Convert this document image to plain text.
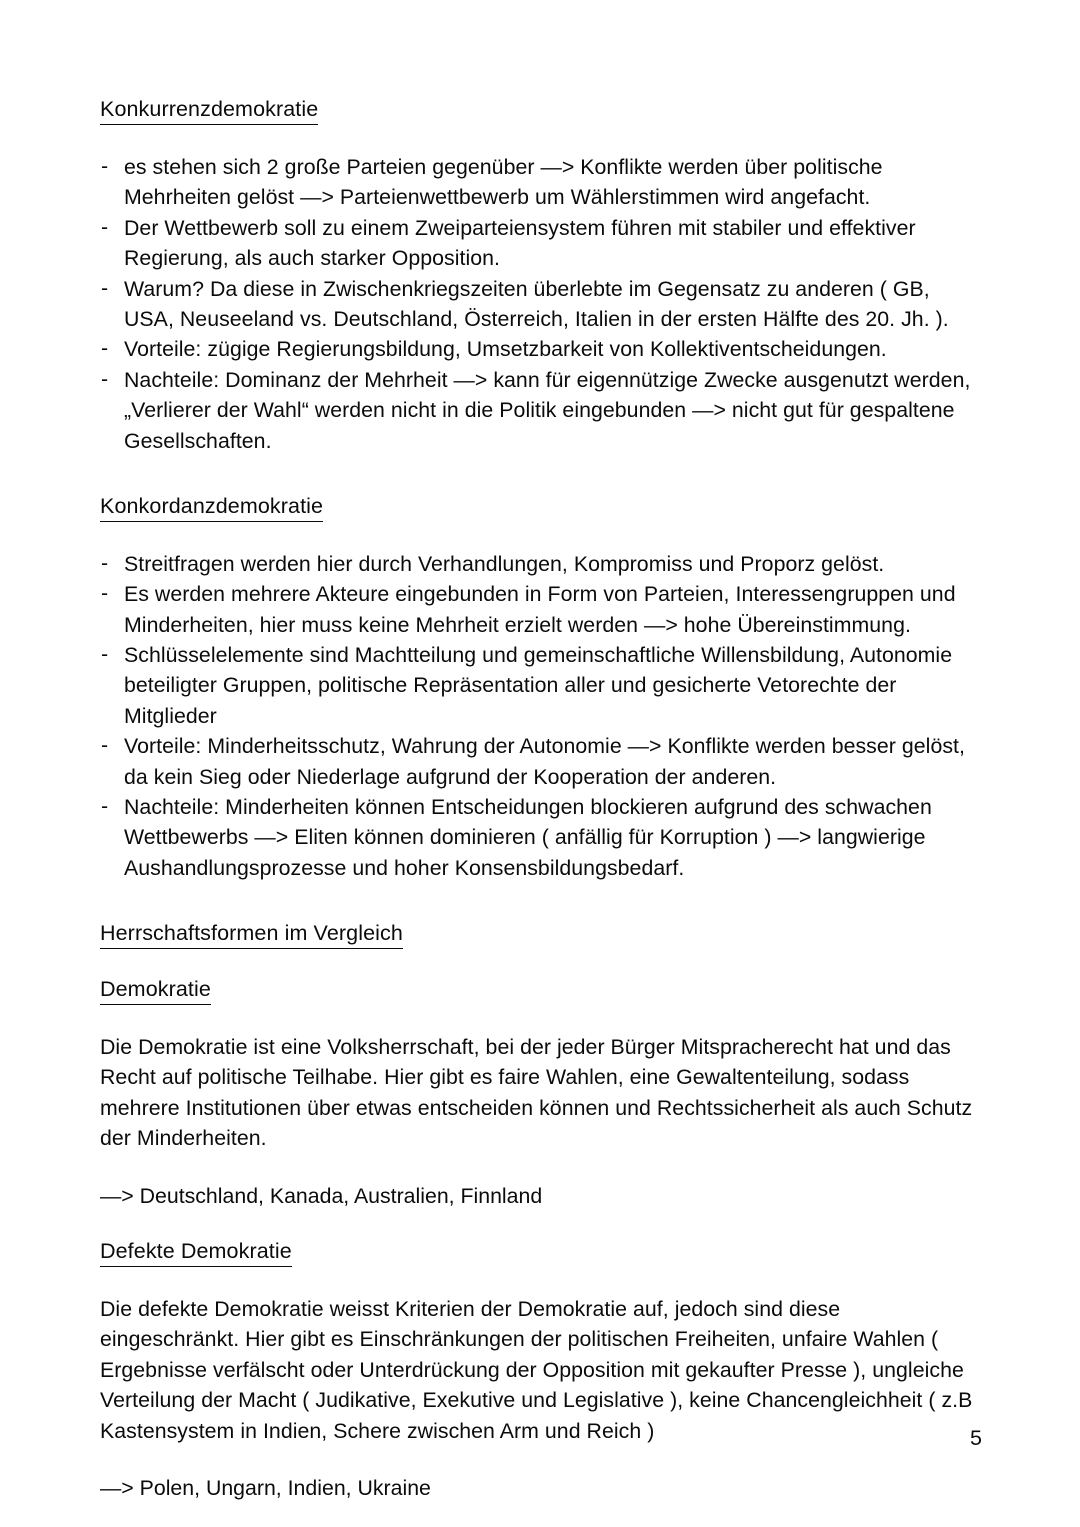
Konkurrenzdemokratie
- es stehen sich 2 große Parteien gegenüber —> Konflikte werden über politische Mehrheiten gelöst —> Parteienwettbewerb um Wählerstimmen wird angefacht.
- Der Wettbewerb soll zu einem Zweiparteiensystem führen mit stabiler und effektiver Regierung, als auch starker Opposition.
- Warum? Da diese in Zwischenkriegszeiten überlebte im Gegensatz zu anderen ( GB, USA, Neuseeland vs. Deutschland, Österreich, Italien in der ersten Hälfte des 20. Jh. ).
- Vorteile: zügige Regierungsbildung, Umsetzbarkeit von Kollektiventscheidungen.
- Nachteile: Dominanz der Mehrheit —> kann für eigennützige Zwecke ausgenutzt werden, „Verlierer der Wahl“ werden nicht in die Politik eingebunden —> nicht gut für gespaltene Gesellschaften.
Konkordanzdemokratie
- Streitfragen werden hier durch Verhandlungen, Kompromiss und Proporz gelöst.
- Es werden mehrere Akteure eingebunden in Form von Parteien, Interessengruppen und Minderheiten, hier muss keine Mehrheit erzielt werden —> hohe Übereinstimmung.
- Schlüsselelemente sind Machtteilung und gemeinschaftliche Willensbildung, Autonomie beteiligter Gruppen, politische Repräsentation aller und gesicherte Vetorechte der Mitglieder
- Vorteile: Minderheitsschutz, Wahrung der Autonomie —> Konflikte werden besser gelöst, da kein Sieg oder Niederlage aufgrund der Kooperation der anderen.
- Nachteile: Minderheiten können Entscheidungen blockieren aufgrund des schwachen Wettbewerbs —> Eliten können dominieren ( anfällig für Korruption ) —> langwierige Aushandlungsprozesse und hoher Konsensbildungsbedarf.
Herrschaftsformen im Vergleich
Demokratie

Die Demokratie ist eine Volksherrschaft, bei der jeder Bürger Mitspracherecht hat und das Recht auf politische Teilhabe. Hier gibt es faire Wahlen, eine Gewaltenteilung, sodass mehrere Institutionen über etwas entscheiden können und Rechtssicherheit als auch Schutz der Minderheiten.

—> Deutschland, Kanada, Australien, Finnland

Defekte Demokratie

Die defekte Demokratie weisst Kriterien der Demokratie auf, jedoch sind diese eingeschränkt. Hier gibt es Einschränkungen der politischen Freiheiten, unfaire Wahlen ( Ergebnisse verfälscht oder Unterdrückung der Opposition mit gekaufter Presse ), ungleiche Verteilung der Macht ( Judikative, Exekutive und Legislative ), keine Chancengleichheit ( z.B Kastensystem in Indien, Schere zwischen Arm und Reich )

—> Polen, Ungarn, Indien, Ukraine

5
